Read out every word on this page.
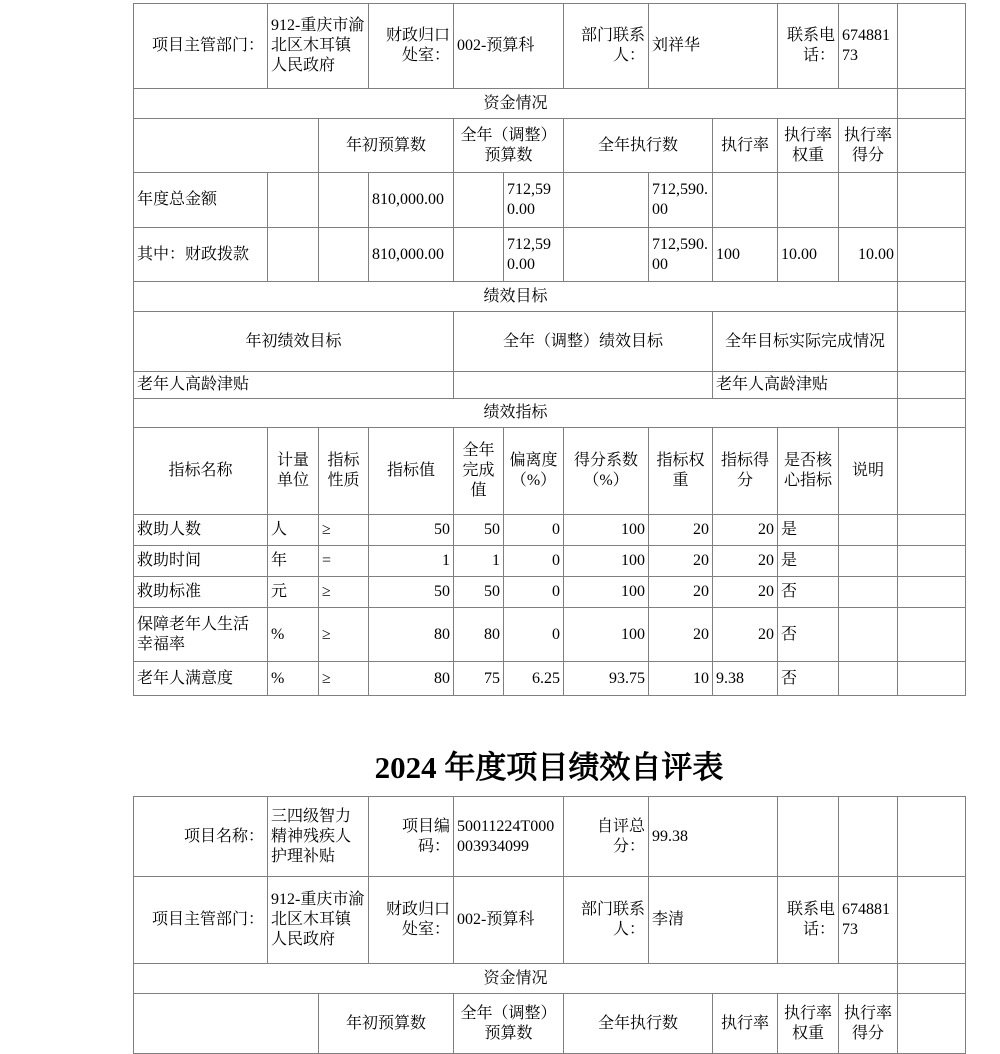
项目主管部门：	912-重庆市渝北区木耳镇人民政府		财政归口处室：	002-预算科		部门联系人：	刘祥华		联系电话：	67488173	
资金情况											
		年初预算数		全年（调整）预算数		全年执行数		执行率	执行率权重	执行率得分	
年度总金额			810,000.00		712,590.00		712,590.00				
其中：财政拨款			810,000.00		712,590.00		712,590.00	100	10.00	10.00	
绩效目标											
年初绩效目标				全年（调整）绩效目标				全年目标实际完成情况			
老年人高龄津贴								老年人高龄津贴			
绩效指标											
指标名称	计量单位	指标性质	指标值	全年完成值	偏离度（%）	得分系数（%）	指标权重	指标得分	是否核心指标	说明	
救助人数	人	≥	50	50	0	100	20	20	是		
救助时间	年	=	1	1	0	100	20	20	是		
救助标准	元	≥	50	50	0	100	20	20	否		
保障老年人生活幸福率	%	≥	80	80	0	100	20	20	否		
老年人满意度	%	≥	80	75	6.25	93.75	10	9.38	否		
2024 年度项目绩效自评表
项目名称：	三四级智力精神残疾人护理补贴		项目编码：	50011224T000003934099	自评总分：	99.38				
项目主管部门：	912-重庆市渝北区木耳镇人民政府		财政归口处室：	002-预算科	部门联系人：	李清		联系电话：	67488173	
资金情况										
		年初预算数		全年（调整）预算数	全年执行数		执行率	执行率权重	执行率得分	
